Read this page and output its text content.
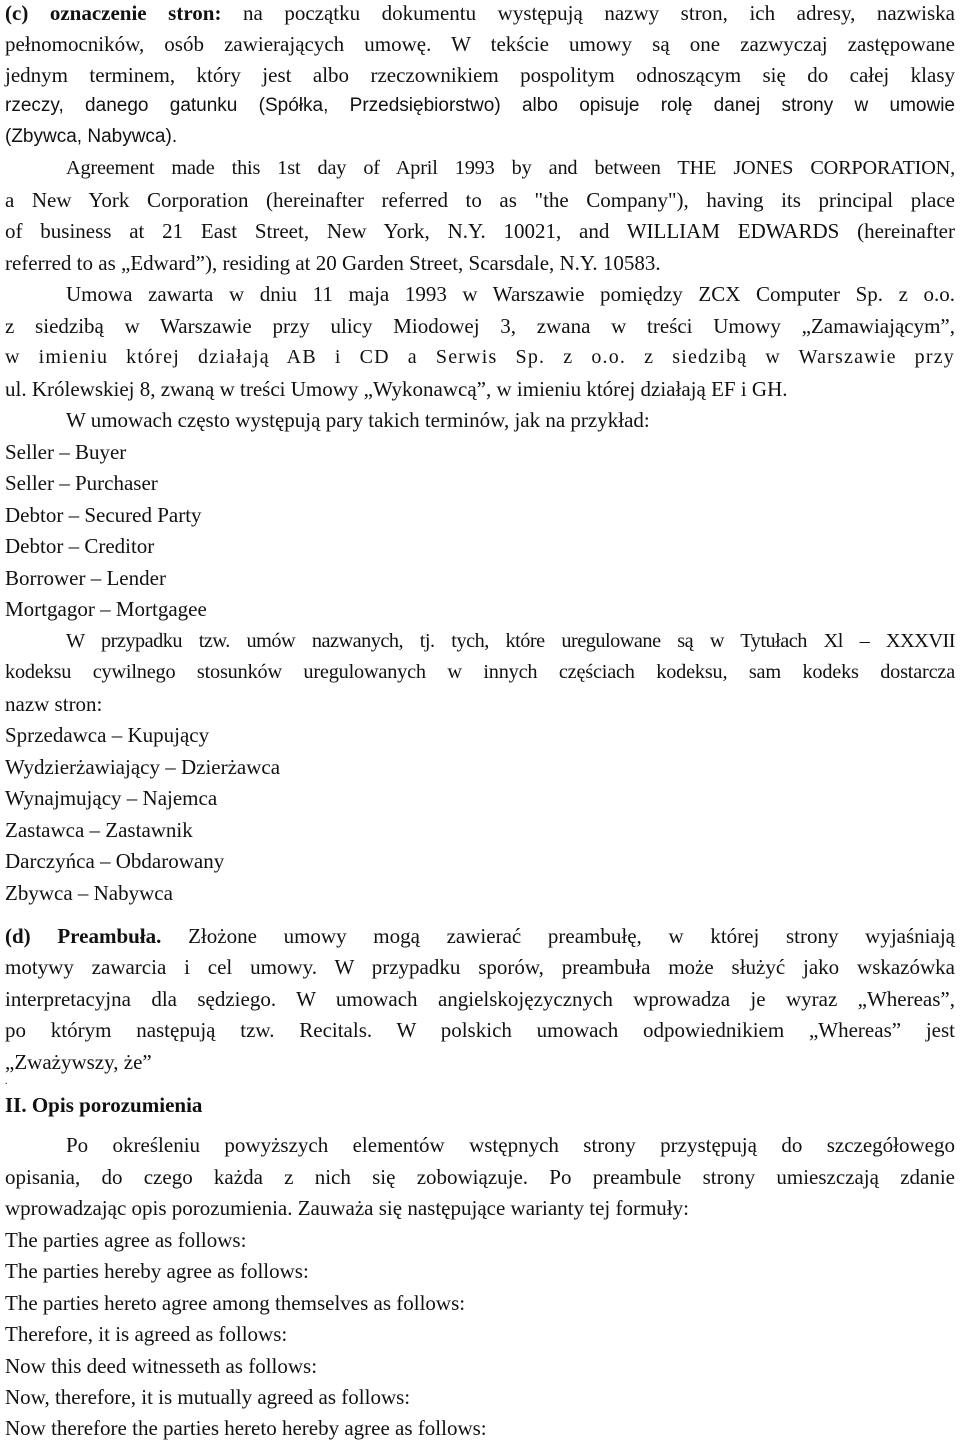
(c) oznaczenie stron: na początku dokumentu występują nazwy stron, ich adresy, nazwiska
pełnomocników, osób zawierających umowę. W tekście umowy są one zazwyczaj zastępowane
jednym terminem, który jest albo rzeczownikiem pospolitym odnoszącym się do całej klasy
rzeczy, danego gatunku (Spółka, Przedsiębiorstwo) albo opisuje rolę danej strony w umowie
(Zbywca, Nabywca).
Agreement made this 1st day of April 1993 by and between THE JONES CORPORATION,
a New York Corporation (hereinafter referred to as "the Company"), having its principal place
of business at 21 East Street, New York, N.Y. 10021, and WILLIAM EDWARDS (hereinafter
referred to as „Edward”), residing at 20 Garden Street, Scarsdale, N.Y. 10583.
Umowa zawarta w dniu 11 maja 1993 w Warszawie pomiędzy ZCX Computer Sp. z o.o.
z siedzibą w Warszawie przy ulicy Miodowej 3, zwana w treści Umowy „Zamawiającym”,
w imieniu której działają AB i CD a Serwis Sp. z o.o. z siedzibą w Warszawie przy
ul. Królewskiej 8, zwaną w treści Umowy „Wykonawcą”, w imieniu której działają EF i GH.
W umowach często występują pary takich terminów, jak na przykład:
Seller – Buyer
Seller – Purchaser
Debtor – Secured Party
Debtor – Creditor
Borrower – Lender
Mortgagor – Mortgagee
W przypadku tzw. umów nazwanych, tj. tych, które uregulowane są w Tytułach Xl – XXXVII
kodeksu cywilnego stosunków uregulowanych w innych częściach kodeksu, sam kodeks dostarcza
nazw stron:
Sprzedawca – Kupujący
Wydzierżawiający – Dzierżawca
Wynajmujący – Najemca
Zastawca – Zastawnik
Darczyńca – Obdarowany
Zbywca – Nabywca
(d) Preambuła. Złożone umowy mogą zawierać preambułę, w której strony wyjaśniają
motywy zawarcia i cel umowy. W przypadku sporów, preambuła może służyć jako wskazówka
interpretacyjna dla sędziego. W umowach angielskojęzycznych wprowadza je wyraz „Whereas”,
po którym następują tzw. Recitals. W polskich umowach odpowiednikiem „Whereas” jest
„Zważywszy, że”
.
II. Opis porozumienia
Po określeniu powyższych elementów wstępnych strony przystępują do szczegółowego
opisania, do czego każda z nich się zobowiązuje. Po preambule strony umieszczają zdanie
wprowadzając opis porozumienia. Zauważa się następujące warianty tej formuły:
The parties agree as follows:
The parties hereby agree as follows:
The parties hereto agree among themselves as follows:
Therefore, it is agreed as follows:
Now this deed witnesseth as follows:
Now, therefore, it is mutually agreed as follows:
Now therefore the parties hereto hereby agree as follows:
